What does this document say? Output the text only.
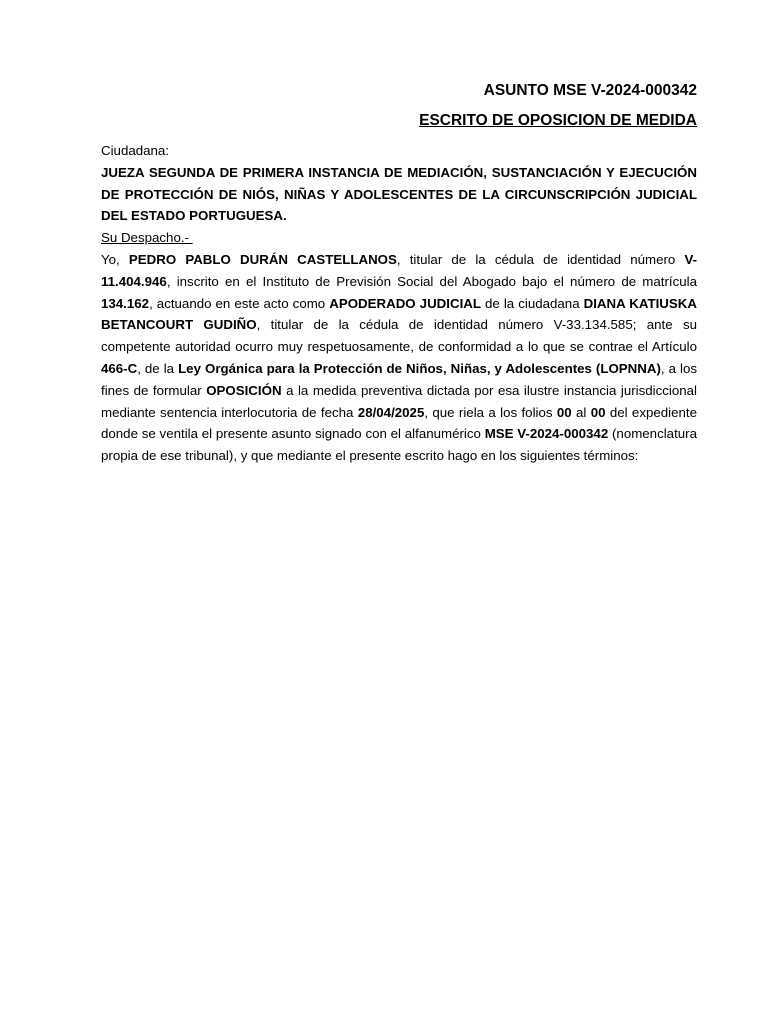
ASUNTO MSE V-2024-000342

ESCRITO DE OPOSICION DE MEDIDA

Ciudadana:

JUEZA SEGUNDA DE PRIMERA INSTANCIA DE MEDIACIÓN, SUSTANCIACIÓN Y EJECUCIÓN DE PROTECCIÓN DE NIÓS, NIÑAS Y ADOLESCENTES DE LA CIRCUNSCRIPCIÓN JUDICIAL DEL ESTADO PORTUGUESA.

Su Despacho.-

Yo, PEDRO PABLO DURÁN CASTELLANOS, titular de la cédula de identidad número V-11.404.946, inscrito en el Instituto de Previsión Social del Abogado bajo el número de matrícula 134.162, actuando en este acto como APODERADO JUDICIAL de la ciudadana DIANA KATIUSKA BETANCOURT GUDIÑO, titular de la cédula de identidad número V-33.134.585; ante su competente autoridad ocurro muy respetuosamente, de conformidad a lo que se contrae el Artículo 466-C, de la Ley Orgánica para la Protección de Niños, Niñas, y Adolescentes (LOPNNA), a los fines de formular OPOSICIÓN a la medida preventiva dictada por esa ilustre instancia jurisdiccional mediante sentencia interlocutoria de fecha 28/04/2025, que riela a los folios 00 al 00 del expediente donde se ventila el presente asunto signado con el alfanumérico MSE V-2024-000342 (nomenclatura propia de ese tribunal), y que mediante el presente escrito hago en los siguientes términos:
